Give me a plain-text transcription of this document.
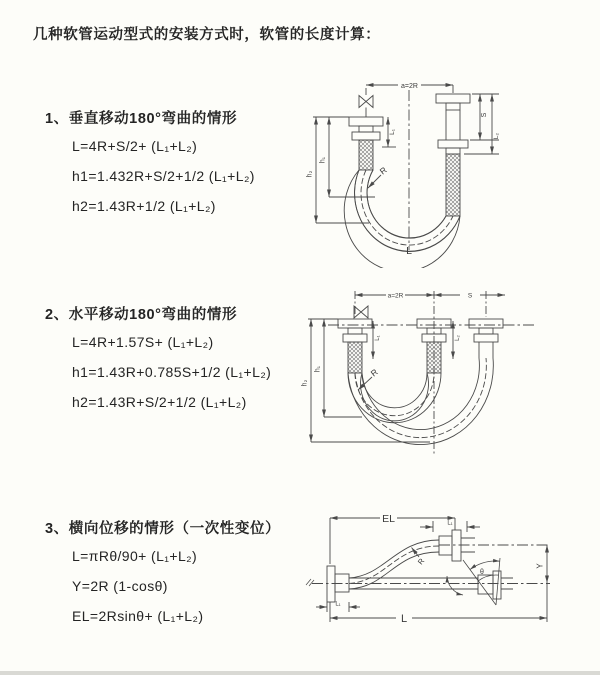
几种软管运动型式的安装方式时，软管的长度计算：
1、垂直移动180°弯曲的情形
L=4R+S/2+ (L₁+L₂)
h1=1.432R+S/2+1/2 (L₁+L₂)
h2=1.43R+1/2 (L₁+L₂)
2、水平移动180°弯曲的情形
L=4R+1.57S+ (L₁+L₂)
h1=1.43R+0.785S+1/2 (L₁+L₂)
h2=1.43R+S/2+1/2 (L₁+L₂)
3、横向位移的情形（一次性变位）
L=πRθ/90+ (L₁+L₂)
Y=2R (1-cosθ)
EL=2Rsinθ+ (L₁+L₂)
a=2R
L₁
S
L₂
h₁
h₂	R
L
a=2R	S
L₁	L₂
h₁
h₂
R
EL	L₁
Y
R
θ
L
L₁
